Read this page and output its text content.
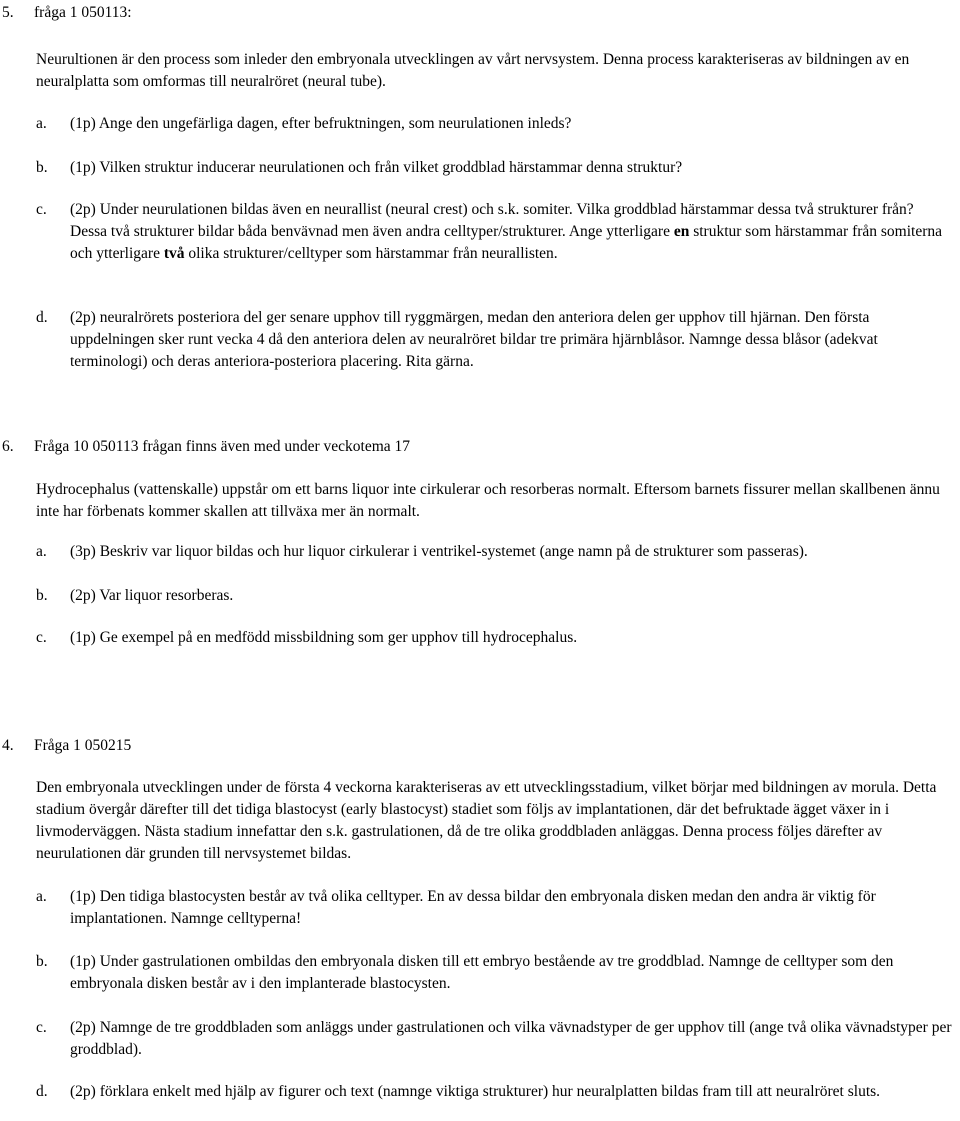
5. fråga 1 050113:
Neurultionen är den process som inleder den embryonala utvecklingen av vårt nervsystem. Denna process karakteriseras av bildningen av en neuralplatta som omformas till neuralröret (neural tube).
a. (1p) Ange den ungefärliga dagen, efter befruktningen, som neurulationen inleds?
b. (1p) Vilken struktur inducerar neurulationen och från vilket groddblad härstammar denna struktur?
c. (2p) Under neurulationen bildas även en neurallist (neural crest) och s.k. somiter. Vilka groddblad härstammar dessa två strukturer från? Dessa två strukturer bildar båda benvävnad men även andra celltyper/strukturer. Ange ytterligare en struktur som härstammar från somiterna och ytterligare två olika strukturer/celltyper som härstammar från neurallisten.
d. (2p) neuralrörets posteriora del ger senare upphov till ryggmärgen, medan den anteriora delen ger upphov till hjärnan. Den första uppdelningen sker runt vecka 4 då den anteriora delen av neuralröret bildar tre primära hjärnblåsor. Namnge dessa blåsor (adekvat terminologi) och deras anteriora-posteriora placering. Rita gärna.
6. Fråga 10 050113 frågan finns även med under veckotema 17
Hydrocephalus (vattenskalle) uppstår om ett barns liquor inte cirkulerar och resorberas normalt. Eftersom barnets fissurer mellan skallbenen ännu inte har förbenats kommer skallen att tillväxa mer än normalt.
a. (3p) Beskriv var liquor bildas och hur liquor cirkulerar i ventrikel-systemet (ange namn på de strukturer som passeras).
b. (2p) Var liquor resorberas.
c. (1p) Ge exempel på en medfödd missbildning som ger upphov till hydrocephalus.
4. Fråga 1 050215
Den embryonala utvecklingen under de första 4 veckorna karakteriseras av ett utvecklingsstadium, vilket börjar med bildningen av morula. Detta stadium övergår därefter till det tidiga blastocyst (early blastocyst) stadiet som följs av implantationen, där det befruktade ägget växer in i livmoderväggen. Nästa stadium innefattar den s.k. gastrulationen, då de tre olika groddbladen anläggas. Denna process följes därefter av neurulationen där grunden till nervsystemet bildas.
a. (1p) Den tidiga blastocysten består av två olika celltyper. En av dessa bildar den embryonala disken medan den andra är viktig för implantationen. Namnge celltyperna!
b. (1p) Under gastrulationen ombildas den embryonala disken till ett embryo bestående av tre groddblad. Namnge de celltyper som den embryonala disken består av i den implanterade blastocysten.
c. (2p) Namnge de tre groddbladen som anläggs under gastrulationen och vilka vävnadstyper de ger upphov till (ange två olika vävnadstyper per groddblad).
d. (2p) förklara enkelt med hjälp av figurer och text (namnge viktiga strukturer) hur neuralplatten bildas fram till att neuralröret sluts.
